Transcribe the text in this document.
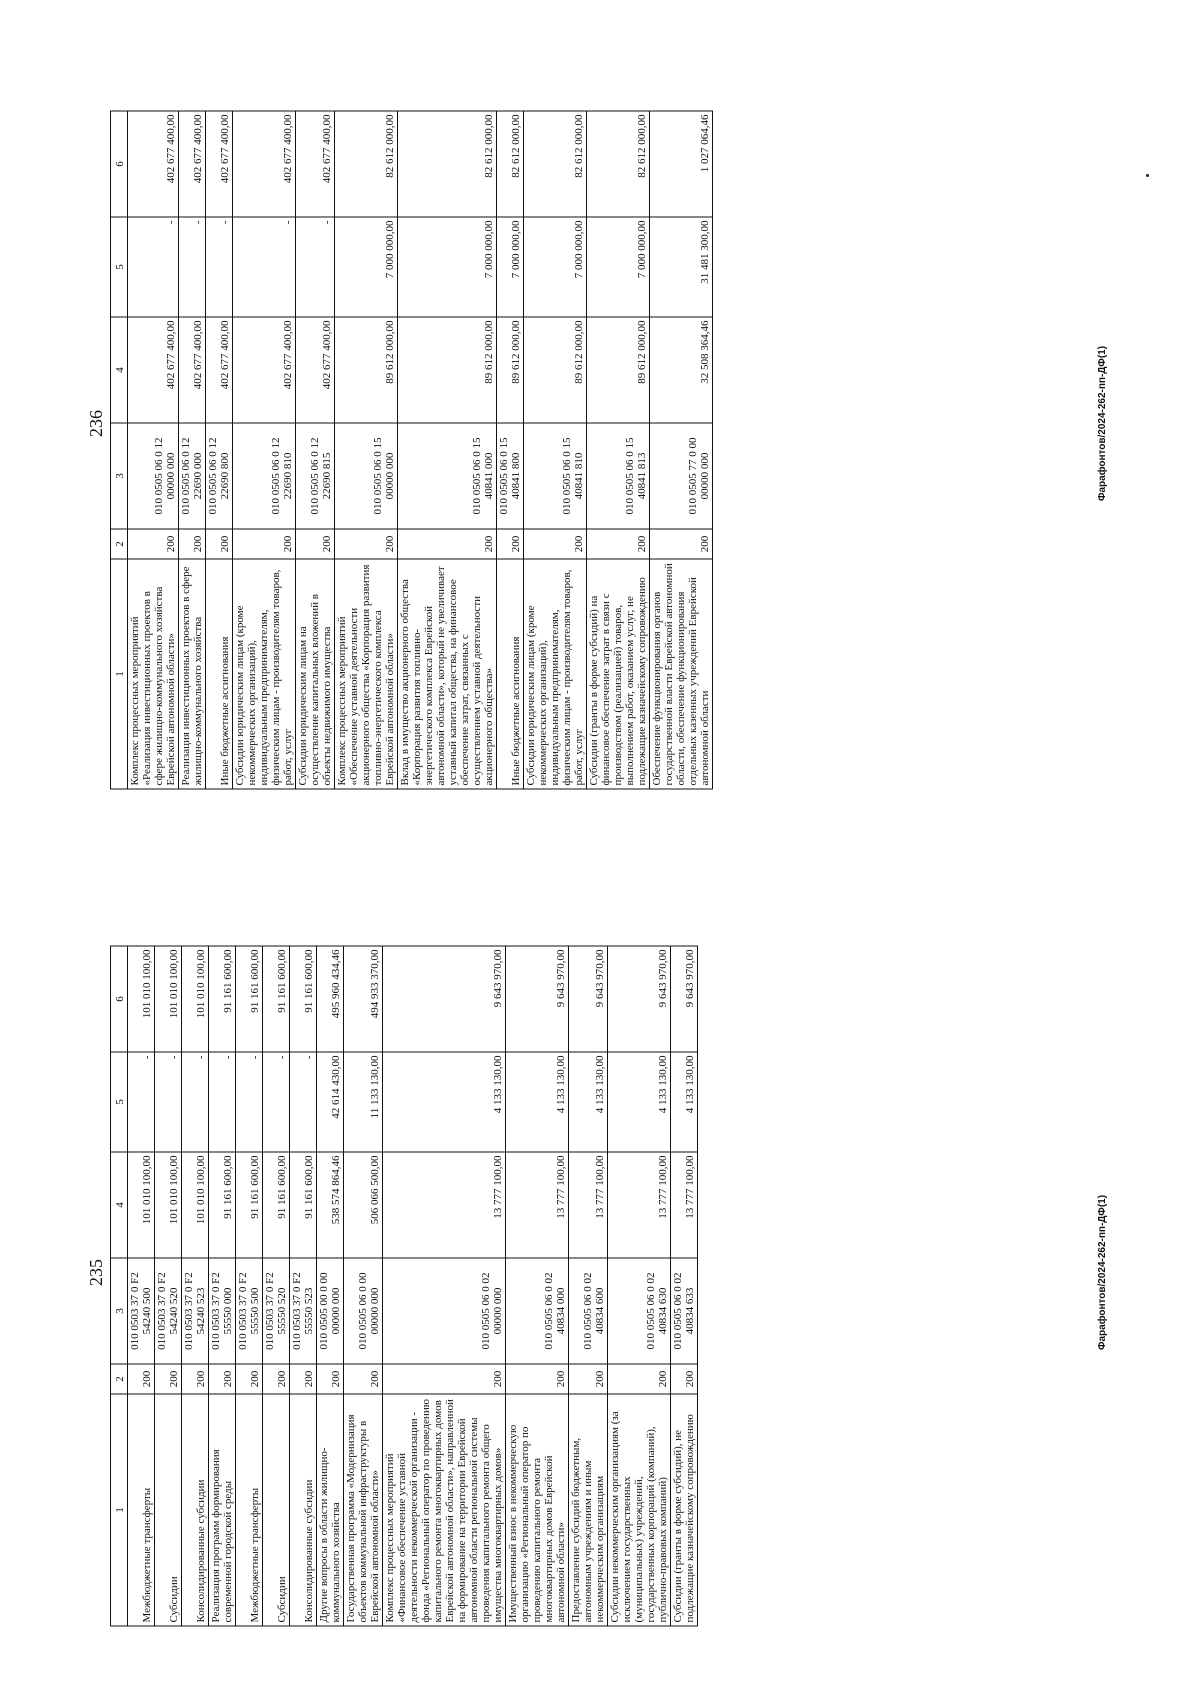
235
1	2	3	4	5	6
Межбюджетные трансферты	200	010 0503 37 0 F2 54240 500	101 010 100,00	-	101 010 100,00
Субсидии	200	010 0503 37 0 F2 54240 520	101 010 100,00	-	101 010 100,00
Консолидированные субсидии	200	010 0503 37 0 F2 54240 523	101 010 100,00	-	101 010 100,00
Реализация программ формирования современной городской среды	200	010 0503 37 0 F2 55550 000	91 161 600,00	-	91 161 600,00
Межбюджетные трансферты	200	010 0503 37 0 F2 55550 500	91 161 600,00	-	91 161 600,00
Субсидии	200	010 0503 37 0 F2 55550 520	91 161 600,00	-	91 161 600,00
Консолидированные субсидии	200	010 0503 37 0 F2 55550 523	91 161 600,00	-	91 161 600,00
Другие вопросы в области жилищно-коммунального хозяйства	200	010 0505 00 0 00 00000 000	538 574 864,46	42 614 430,00	495 960 434,46
Государственная программа «Модернизация объектов коммунальной инфраструктуры в Еврейской автономной области»	200	010 0505 06 0 00 00000 000	506 066 500,00	11 133 130,00	494 933 370,00
Комплекс процессных мероприятий «Финансовое обеспечение уставной деятельности некоммерческой организации - фонда «Региональный оператор по проведению капитального ремонта многоквартирных домов Еврейской автономной области», направленной на формирование на территории Еврейской автономной области региональной системы проведения капитального ремонта общего имущества многоквартирных домов»	200	010 0505 06 0 02 00000 000	13 777 100,00	4 133 130,00	9 643 970,00
Имущественный взнос в некоммерческую организацию «Региональный оператор по проведению капитального ремонта многоквартирных домов Еврейской автономной области»	200	010 0505 06 0 02 40834 000	13 777 100,00	4 133 130,00	9 643 970,00
Предоставление субсидий бюджетным, автономным учреждениям и иным некоммерческим организациям	200	010 0505 06 0 02 40834 600	13 777 100,00	4 133 130,00	9 643 970,00
Субсидии некоммерческим организациям (за исключением государственных (муниципальных) учреждений, государственных корпораций (компаний), публично-правовых компаний)	200	010 0505 06 0 02 40834 630	13 777 100,00	4 133 130,00	9 643 970,00
Субсидии (гранты в форме субсидий), не подлежащие казначейскому сопровождению	200	010 0505 06 0 02 40834 633	13 777 100,00	4 133 130,00	9 643 970,00
Фарафонтов/2024-262-пп-ДФ(1)
236
1	2	3	4	5	6
Комплекс процессных мероприятий «Реализация инвестиционных проектов в сфере жилищно-коммунального хозяйства Еврейской автономной области»	200	010 0505 06 0 12 00000 000	402 677 400,00	-	402 677 400,00
Реализация инвестиционных проектов в сфере жилищно-коммунального хозяйства	200	010 0505 06 0 12 22690 000	402 677 400,00	-	402 677 400,00
Иные бюджетные ассигнования	200	010 0505 06 0 12 22690 800	402 677 400,00	-	402 677 400,00
Субсидии юридическим лицам (кроме некоммерческих организаций), индивидуальным предпринимателям, физическим лицам - производителям товаров, работ, услуг	200	010 0505 06 0 12 22690 810	402 677 400,00	-	402 677 400,00
Субсидии юридическим лицам на осуществление капитальных вложений в объекты недвижимого имущества	200	010 0505 06 0 12 22690 815	402 677 400,00	-	402 677 400,00
Комплекс процессных мероприятий «Обеспечение уставной деятельности акционерного общества «Корпорация развития топливно-энергетического комплекса Еврейской автономной области»	200	010 0505 06 0 15 00000 000	89 612 000,00	7 000 000,00	82 612 000,00
Вклад в имущество акционерного общества «Корпорация развития топливно-энергетического комплекса Еврейской автономной области», который не увеличивает уставный капитал общества, на финансовое обеспечение затрат, связанных с осуществлением уставной деятельности акционерного общества»	200	010 0505 06 0 15 40841 000	89 612 000,00	7 000 000,00	82 612 000,00
Иные бюджетные ассигнования	200	010 0505 06 0 15 40841 800	89 612 000,00	7 000 000,00	82 612 000,00
Субсидии юридическим лицам (кроме некоммерческих организаций), индивидуальным предпринимателям, физическим лицам - производителям товаров, работ, услуг	200	010 0505 06 0 15 40841 810	89 612 000,00	7 000 000,00	82 612 000,00
Субсидии (гранты в форме субсидий) на финансовое обеспечение затрат в связи с производством (реализацией) товаров, выполнением работ, оказанием услуг, не подлежащие казначейскому сопровождению	200	010 0505 06 0 15 40841 813	89 612 000,00	7 000 000,00	82 612 000,00
Обеспечение функционирования органов государственной власти Еврейской автономной области, обеспечение функционирования отдельных казенных учреждений Еврейской автономной области	200	010 0505 77 0 00 00000 000	32 508 364,46	31 481 300,00	1 027 064,46
Фарафонтов/2024-262-пп-ДФ(1)
